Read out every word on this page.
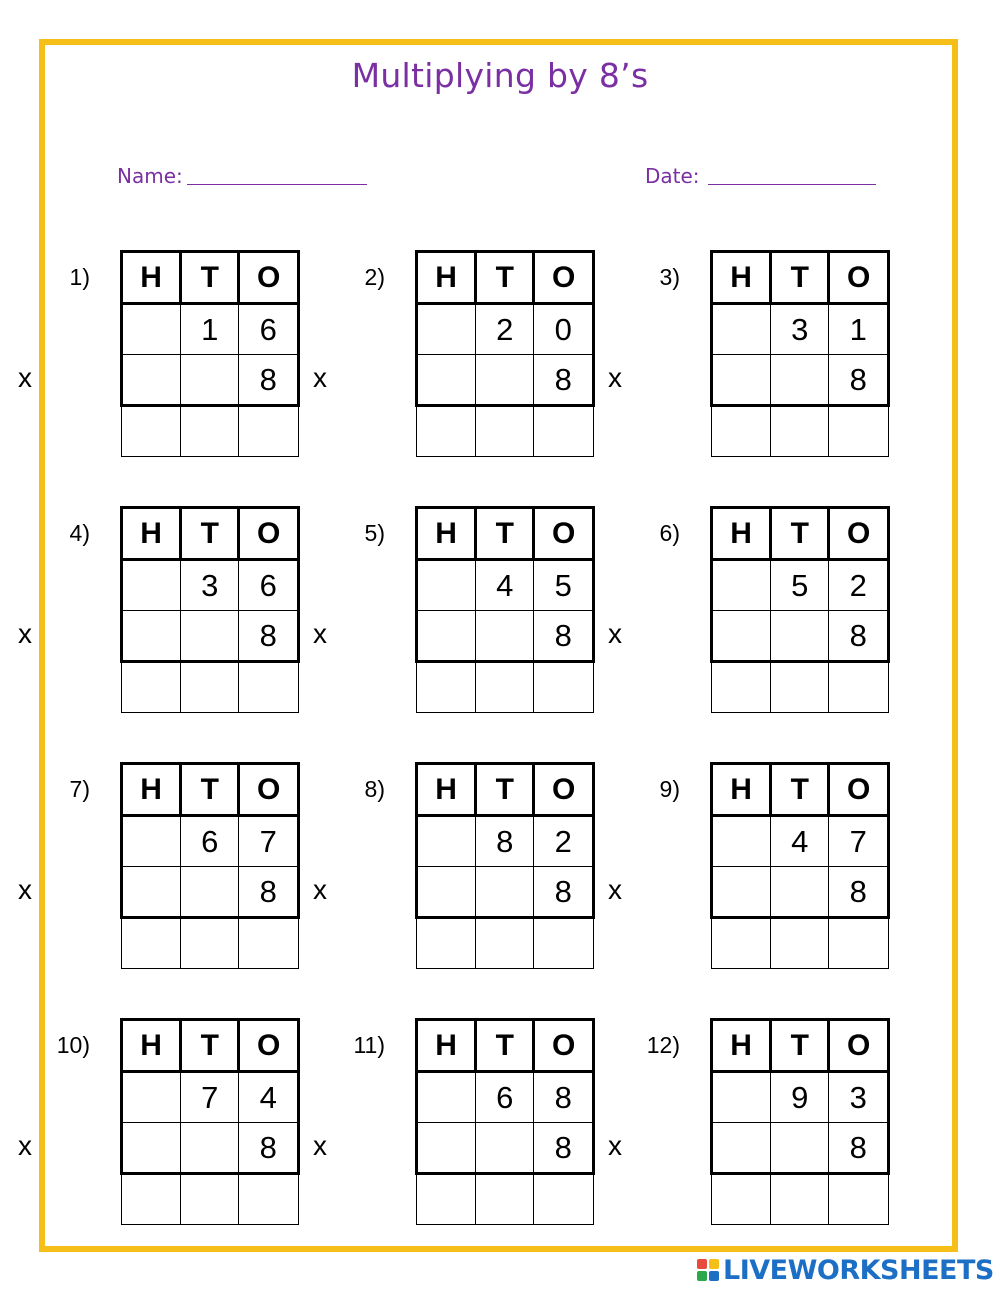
Multiplying by 8’s
Name:	Date:
1)
x
H	T	O
	1	6
		8

2)
x
H	T	O
	2	0
		8

3)
x
H	T	O
	3	1
		8

4)
x
H	T	O
	3	6
		8

5)
x
H	T	O
	4	5
		8

6)
x
H	T	O
	5	2
		8

7)
x
H	T	O
	6	7
		8

8)
x
H	T	O
	8	2
		8

9)
x
H	T	O
	4	7
		8

10)
x
H	T	O
	7	4
		8

11)
x
H	T	O
	6	8
		8

12)
x
H	T	O
	9	3
		8

LIVEWORKSHEETS
